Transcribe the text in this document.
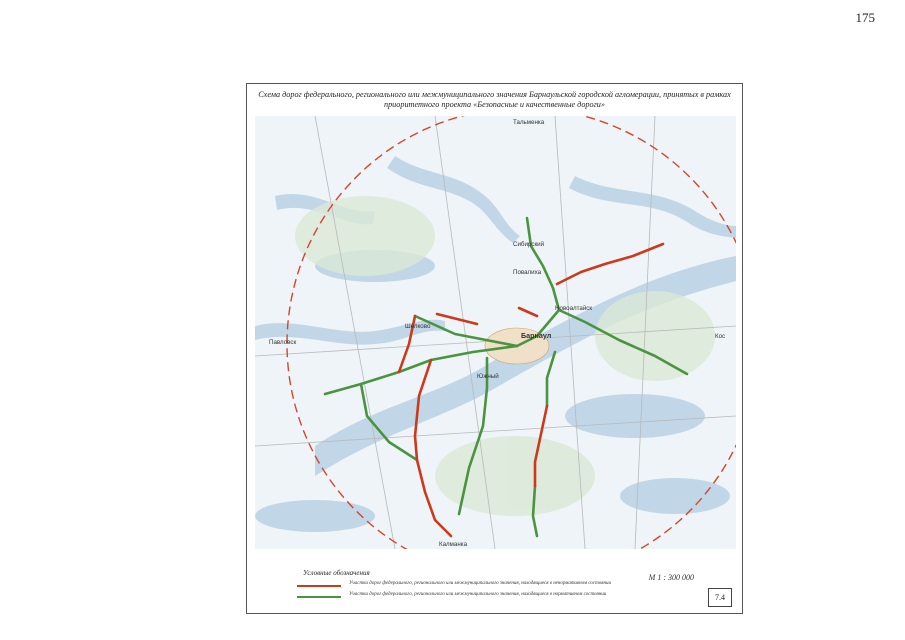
175
Схема дорог федерального, регионального или межмуниципального значения Барнаульской городской агломерации, принятых в рамках приоритетного проекта «Безопасные и качественные дороги»
Тальменка
Сибирский
Новоалтайск
Барнаул
Павловск
Южный
Калманка
Кос
Повалиха
Шелково
Условные обозначения
Участки дорог федерального, регионального или межмуниципального значения, находящиеся в ненормативном состоянии
Участки дорог федерального, регионального или межмуниципального значения, находящиеся в нормативном состоянии
М 1 : 300 000
7.4
